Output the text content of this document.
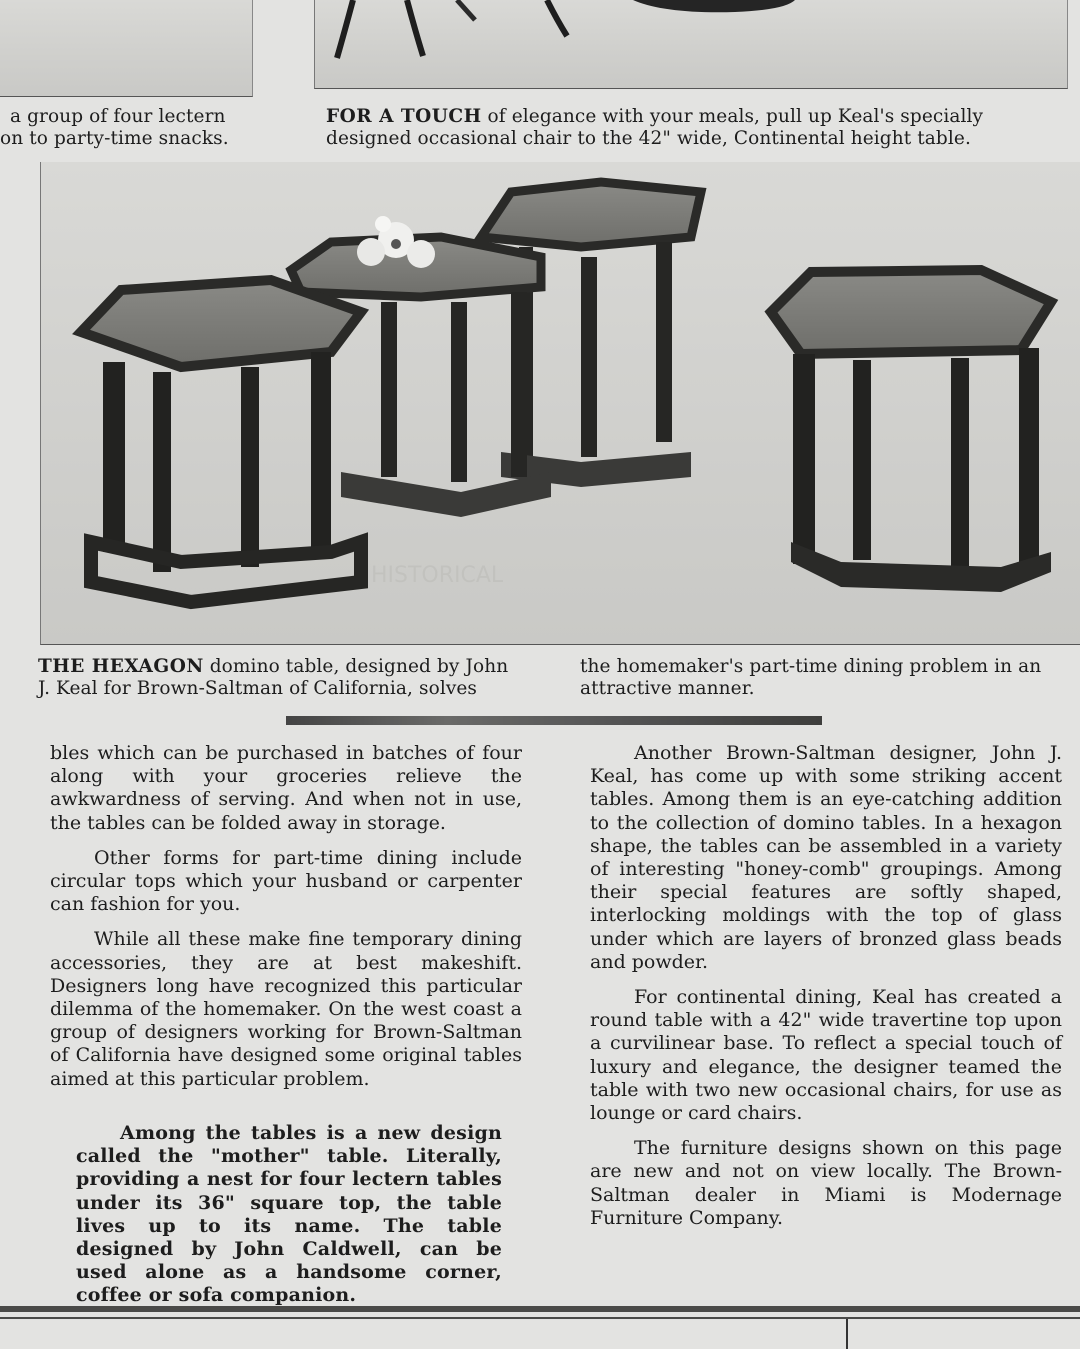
a group of four lectern
on to party-time snacks.
FOR A TOUCH of elegance with your meals, pull up Keal's specially
designed occasional chair to the 42" wide, Continental height table.
HISTORICAL
THE HEXAGON domino table, designed by John
J. Keal for Brown-Saltman of California, solves
the homemaker's part-time dining problem in an
attractive manner.

bles which can be purchased in batches of four along with your groceries relieve the awkwardness of serving. And when not in use, the tables can be folded away in storage.

Other forms for part-time dining include circular tops which your husband or carpenter can fashion for you.

While all these make fine temporary dining accessories, they are at best makeshift. Designers long have recognized this particular dilemma of the homemaker. On the west coast a group of designers working for Brown-Saltman of California have designed some original tables aimed at this particular problem.

Among the tables is a new design called the "mother" table. Literally, providing a nest for four lectern tables under its 36" square top, the table lives up to its name. The table designed by John Caldwell, can be used alone as a handsome corner, coffee or sofa companion.

Another Brown-Saltman designer, John J. Keal, has come up with some striking accent tables. Among them is an eye-catching addition to the collection of domino tables. In a hexagon shape, the tables can be assembled in a variety of interesting "honey-comb" groupings. Among their special features are softly shaped, interlocking moldings with the top of glass under which are layers of bronzed glass beads and powder.

For continental dining, Keal has created a round table with a 42" wide travertine top upon a curvilinear base. To reflect a special touch of luxury and elegance, the designer teamed the table with two new occasional chairs, for use as lounge or card chairs.

The furniture designs shown on this page are new and not on view locally. The Brown-Saltman dealer in Miami is Modernage Furniture Company.
